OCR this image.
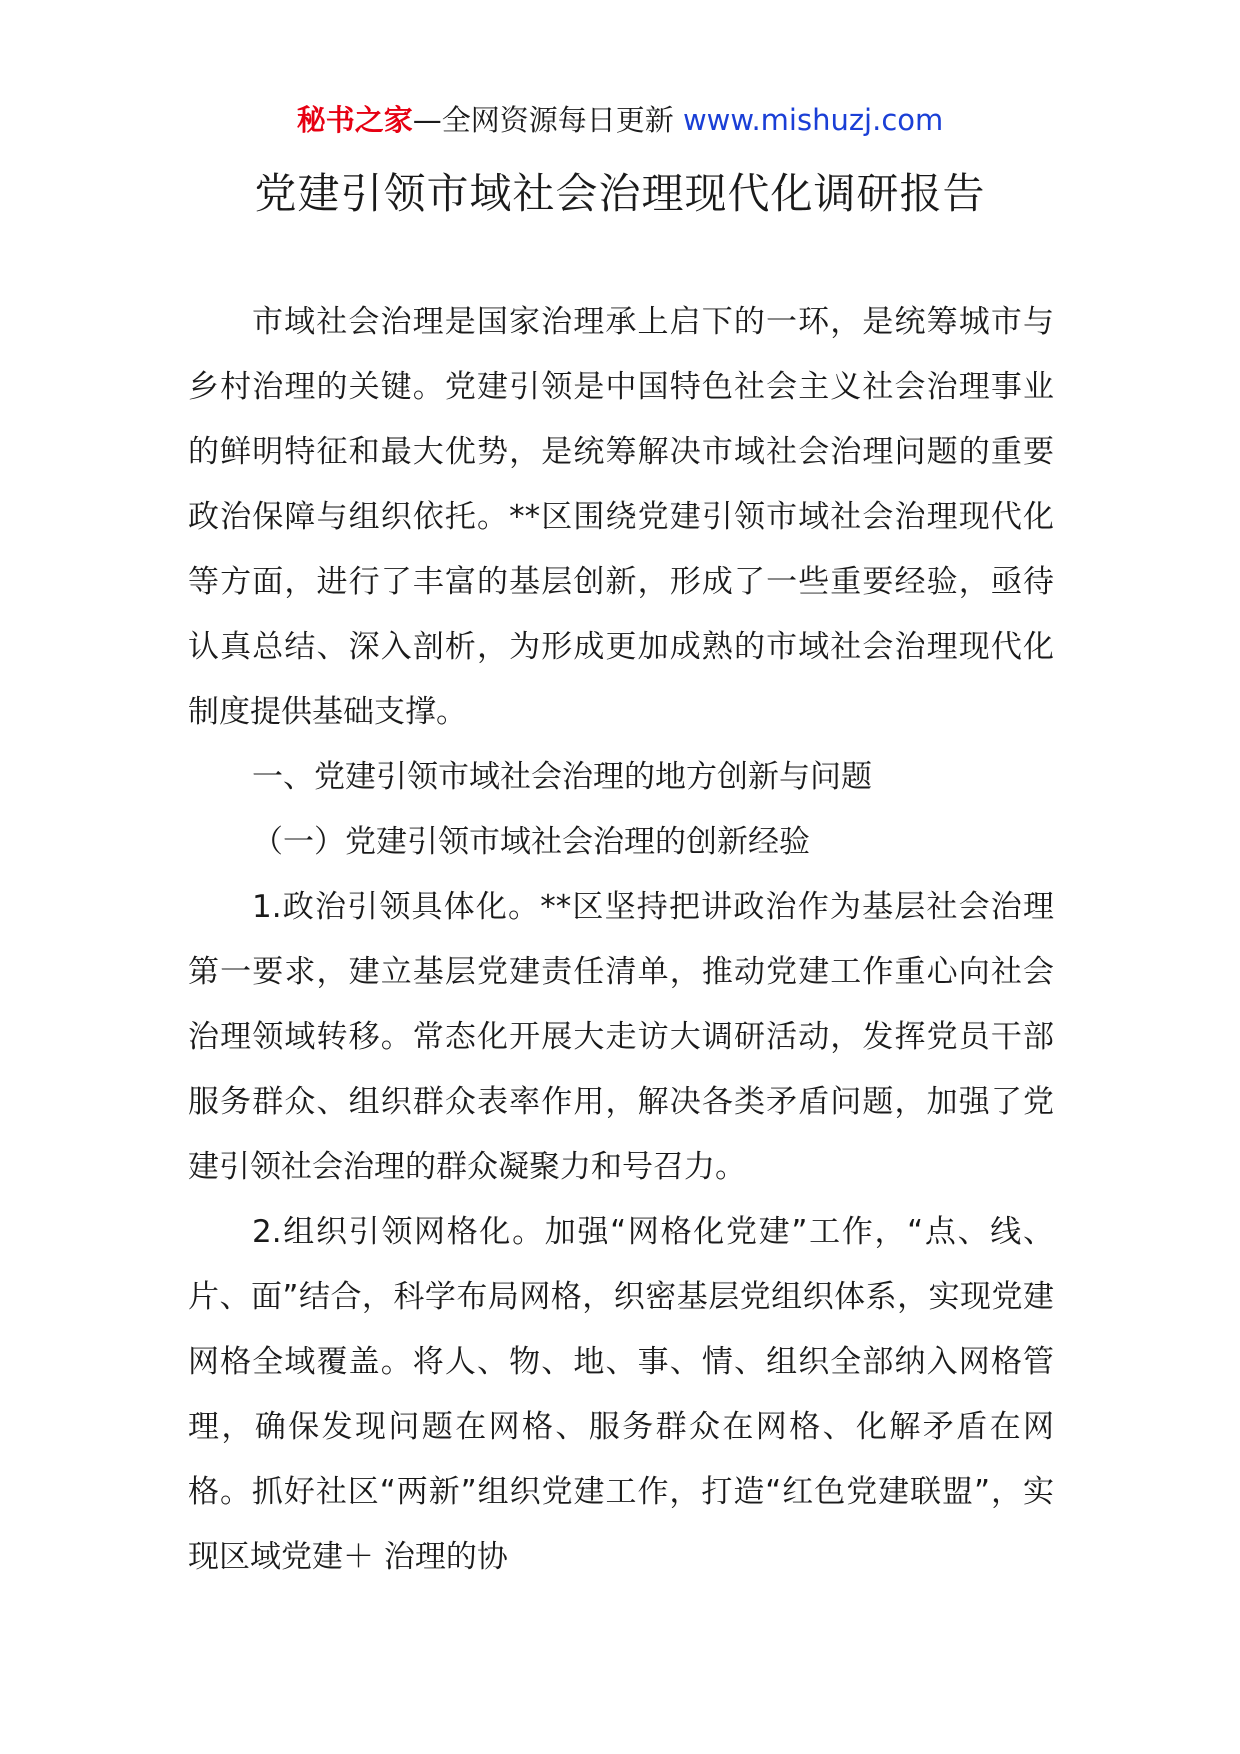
秘书之家—全网资源每日更新 www.mishuzj.com
党建引领市域社会治理现代化调研报告

市域社会治理是国家治理承上启下的一环，是统筹城市与乡村治理的关键。党建引领是中国特色社会主义社会治理事业的鲜明特征和最大优势，是统筹解决市域社会治理问题的重要政治保障与组织依托。**区围绕党建引领市域社会治理现代化等方面，进行了丰富的基层创新，形成了一些重要经验，亟待认真总结、深入剖析，为形成更加成熟的市域社会治理现代化制度提供基础支撑。

一、党建引领市域社会治理的地方创新与问题

（一）党建引领市域社会治理的创新经验

1.政治引领具体化。**区坚持把讲政治作为基层社会治理第一要求，建立基层党建责任清单，推动党建工作重心向社会治理领域转移。常态化开展大走访大调研活动，发挥党员干部服务群众、组织群众表率作用，解决各类矛盾问题，加强了党建引领社会治理的群众凝聚力和号召力。

2.组织引领网格化。加强“网格化党建”工作，“点、线、片、面”结合，科学布局网格，织密基层党组织体系，实现党建网格全域覆盖。将人、物、地、事、情、组织全部纳入网格管理，确保发现问题在网格、服务群众在网格、化解矛盾在网格。抓好社区“两新”组织党建工作，打造“红色党建联盟”，实现区域党建＋ 治理的协
